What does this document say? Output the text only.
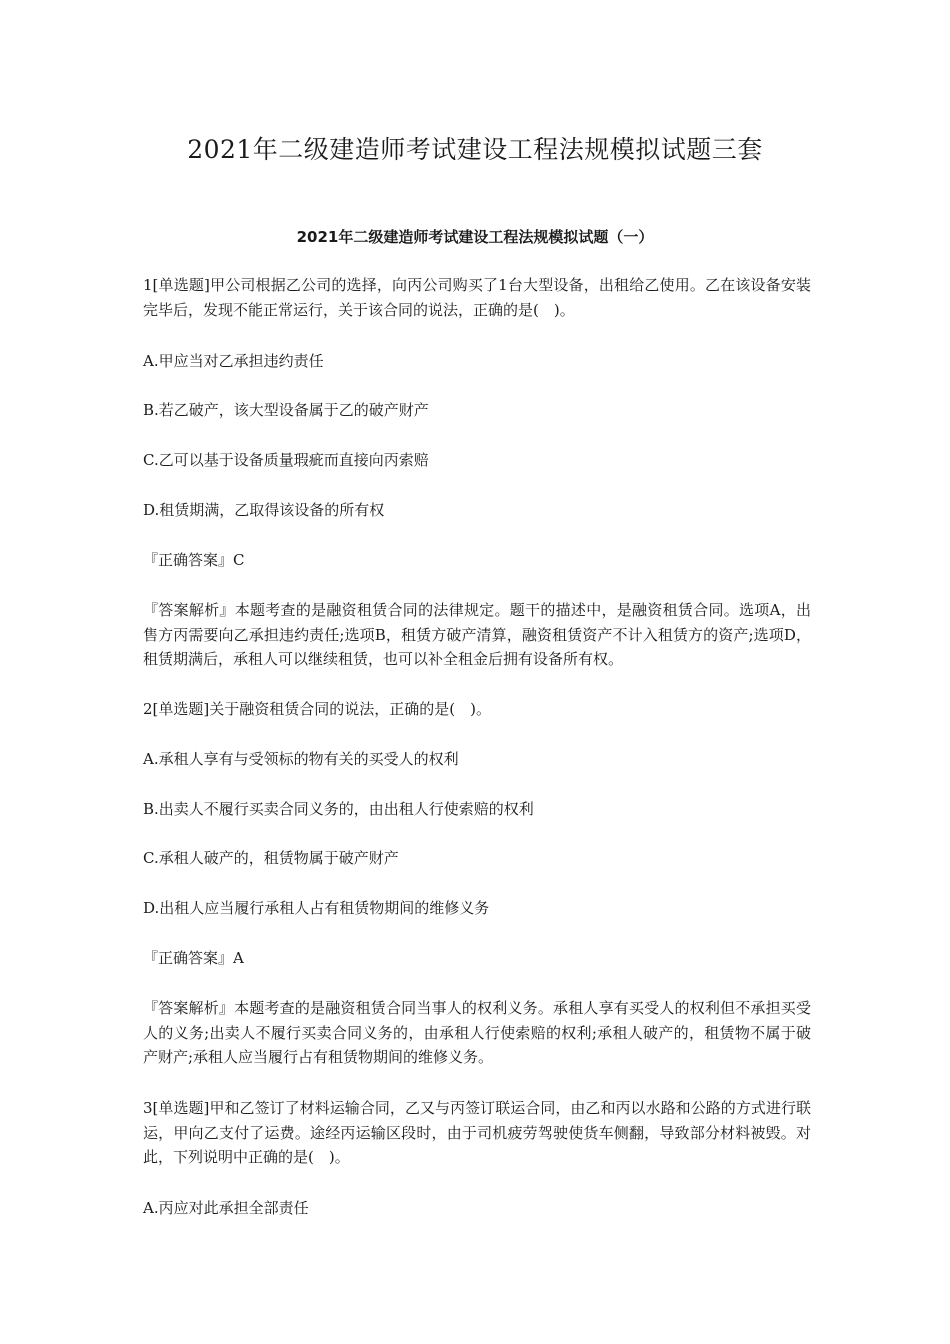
2021年二级建造师考试建设工程法规模拟试题三套
2021年二级建造师考试建设工程法规模拟试题（一）

1[单选题]甲公司根据乙公司的选择，向丙公司购买了1台大型设备，出租给乙使用。乙在该设备安装完毕后，发现不能正常运行，关于该合同的说法，正确的是(　)。

A.甲应当对乙承担违约责任

B.若乙破产，该大型设备属于乙的破产财产

C.乙可以基于设备质量瑕疵而直接向丙索赔

D.租赁期满，乙取得该设备的所有权

『正确答案』C

『答案解析』本题考查的是融资租赁合同的法律规定。题干的描述中，是融资租赁合同。选项A，出售方丙需要向乙承担违约责任;选项B，租赁方破产清算，融资租赁资产不计入租赁方的资产;选项D，租赁期满后，承租人可以继续租赁，也可以补全租金后拥有设备所有权。

2[单选题]关于融资租赁合同的说法，正确的是(　)。

A.承租人享有与受领标的物有关的买受人的权利

B.出卖人不履行买卖合同义务的，由出租人行使索赔的权利

C.承租人破产的，租赁物属于破产财产

D.出租人应当履行承租人占有租赁物期间的维修义务

『正确答案』A

『答案解析』本题考查的是融资租赁合同当事人的权利义务。承租人享有买受人的权利但不承担买受人的义务;出卖人不履行买卖合同义务的，由承租人行使索赔的权利;承租人破产的，租赁物不属于破产财产;承租人应当履行占有租赁物期间的维修义务。

3[单选题]甲和乙签订了材料运输合同，乙又与丙签订联运合同，由乙和丙以水路和公路的方式进行联运，甲向乙支付了运费。途经丙运输区段时，由于司机疲劳驾驶使货车侧翻，导致部分材料被毁。对此，下列说明中正确的是(　)。

A.丙应对此承担全部责任
